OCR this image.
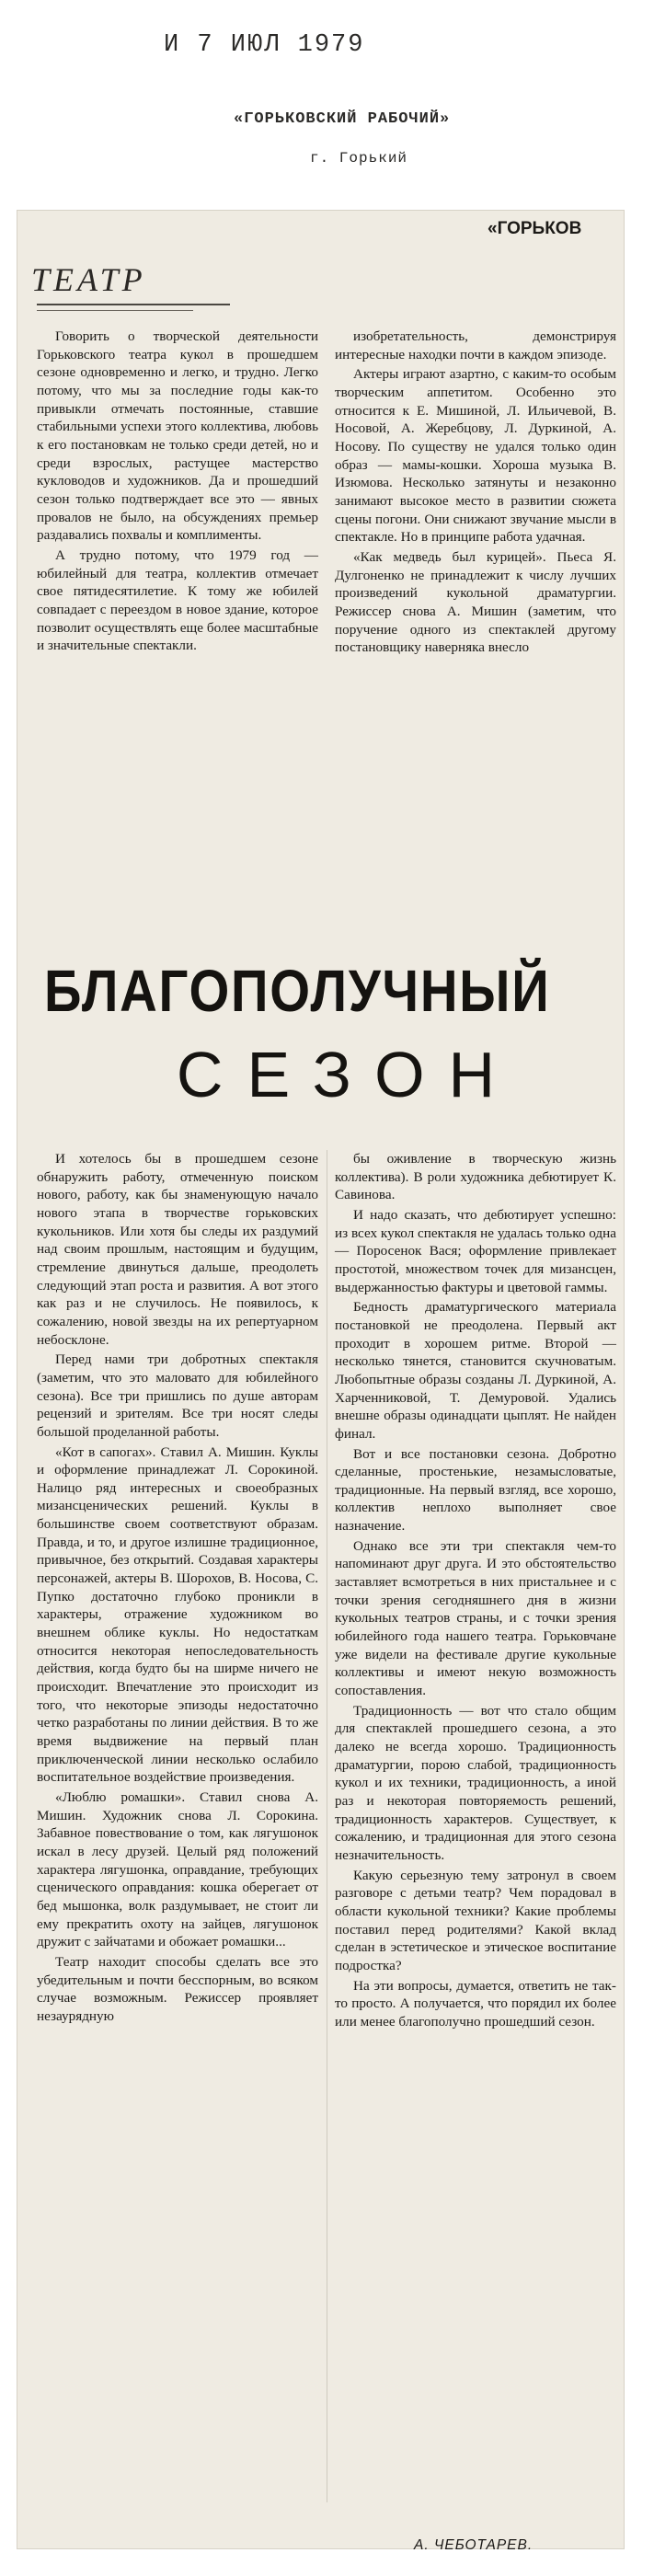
И 7 ИЮЛ 1979
«ГОРЬКОВСКИЙ РАБОЧИЙ»
г. Горький
«ГОРЬКОВ
ТЕАТР

Говорить о творческой деятельности Горьковского театра кукол в прошедшем сезоне одновременно и легко, и трудно. Легко потому, что мы за последние годы как-то привыкли отмечать постоянные, ставшие стабильными успехи этого коллектива, любовь к его постановкам не только среди детей, но и среди взрослых, растущее мастерство кукловодов и художников. Да и прошедший сезон только подтверждает все это — явных провалов не было, на обсуждениях премьер раздавались похвалы и комплименты.

А трудно потому, что 1979 год — юбилейный для театра, коллектив отмечает свое пятидесятилетие. К тому же юбилей совпадает с переездом в новое здание, которое позволит осуществлять еще более масштабные и значительные спектакли.

изобретательность, демонстрируя интересные находки почти в каждом эпизоде.

Актеры играют азартно, с каким-то особым творческим аппетитом. Особенно это относится к Е. Мишиной, Л. Ильичевой, В. Носовой, А. Жеребцову, Л. Дуркиной, А. Носову. По существу не удался только один образ — мамы-кошки. Хороша музыка В. Изюмова. Несколько затянуты и незаконно занимают высокое место в развитии сюжета сцены погони. Они снижают звучание мысли в спектакле. Но в принципе работа удачная.

«Как медведь был курицей». Пьеса Я. Дулгоненко не принадлежит к числу лучших произведений кукольной драматургии. Режиссер снова А. Мишин (заметим, что поручение одного из спектаклей другому постановщику наверняка внесло

БЛАГОПОЛУЧНЫЙ
СЕЗОН

И хотелось бы в прошедшем сезоне обнаружить работу, отмеченную поиском нового, работу, как бы знаменующую начало нового этапа в творчестве горьковских кукольников. Или хотя бы следы их раздумий над своим прошлым, настоящим и будущим, стремление двинуться дальше, преодолеть следующий этап роста и развития. А вот этого как раз и не случилось. Не появилось, к сожалению, новой звезды на их репертуарном небосклоне.

Перед нами три добротных спектакля (заметим, что это маловато для юбилейного сезона). Все три пришлись по душе авторам рецензий и зрителям. Все три носят следы большой проделанной работы.

«Кот в сапогах». Ставил А. Мишин. Куклы и оформление принадлежат Л. Сорокиной. Налицо ряд интересных и своеобразных мизансценических решений. Куклы в большинстве своем соответствуют образам. Правда, и то, и другое излишне традиционное, привычное, без открытий. Создавая характеры персонажей, актеры В. Шорохов, В. Носова, С. Пупко достаточно глубоко проникли в характеры, отражение художником во внешнем облике куклы. Но недостаткам относится некоторая непоследовательность действия, когда будто бы на ширме ничего не происходит. Впечатление это происходит из того, что некоторые эпизоды недостаточно четко разработаны по линии действия. В то же время выдвижение на первый план приключенческой линии несколько ослабило воспитательное воздействие произведения.

«Люблю ромашки». Ставил снова А. Мишин. Художник снова Л. Сорокина. Забавное повествование о том, как лягушонок искал в лесу друзей. Целый ряд положений характера лягушонка, оправдание, требующих сценического оправдания: кошка оберегает от бед мышонка, волк раздумывает, не стоит ли ему прекратить охоту на зайцев, лягушонок дружит с зайчатами и обожает ромашки...

Театр находит способы сделать все это убедительным и почти бесспорным, во всяком случае возможным. Режиссер проявляет незаурядную

бы оживление в творческую жизнь коллектива). В роли художника дебютирует К. Савинова.

И надо сказать, что дебютирует успешно: из всех кукол спектакля не удалась только одна — Поросенок Вася; оформление привлекает простотой, множеством точек для мизансцен, выдержанностью фактуры и цветовой гаммы.

Бедность драматургического материала постановкой не преодолена. Первый акт проходит в хорошем ритме. Второй — несколько тянется, становится скучноватым. Любопытные образы созданы Л. Дуркиной, А. Харченниковой, Т. Демуровой. Удались внешне образы одинадцати цыплят. Не найден финал.

Вот и все постановки сезона. Добротно сделанные, простенькие, незамысловатые, традиционные. На первый взгляд, все хорошо, коллектив неплохо выполняет свое назначение.

Однако все эти три спектакля чем-то напоминают друг друга. И это обстоятельство заставляет всмотреться в них пристальнее и с точки зрения сегодняшнего дня в жизни кукольных театров страны, и с точки зрения юбилейного года нашего театра. Горьковчане уже видели на фестивале другие кукольные коллективы и имеют некую возможность сопоставления.

Традиционность — вот что стало общим для спектаклей прошедшего сезона, а это далеко не всегда хорошо. Традиционность драматургии, порою слабой, традиционность кукол и их техники, традиционность, а иной раз и некоторая повторяемость решений, традиционность характеров. Существует, к сожалению, и традиционная для этого сезона незначительность.

Какую серьезную тему затронул в своем разговоре с детьми театр? Чем порадовал в области кукольной техники? Какие проблемы поставил перед родителями? Какой вклад сделан в эстетическое и этическое воспитание подростка?

На эти вопросы, думается, ответить не так-то просто. А получается, что порядил их более или менее благополучно прошедший сезон.

А. ЧЕБОТАРЕВ.
